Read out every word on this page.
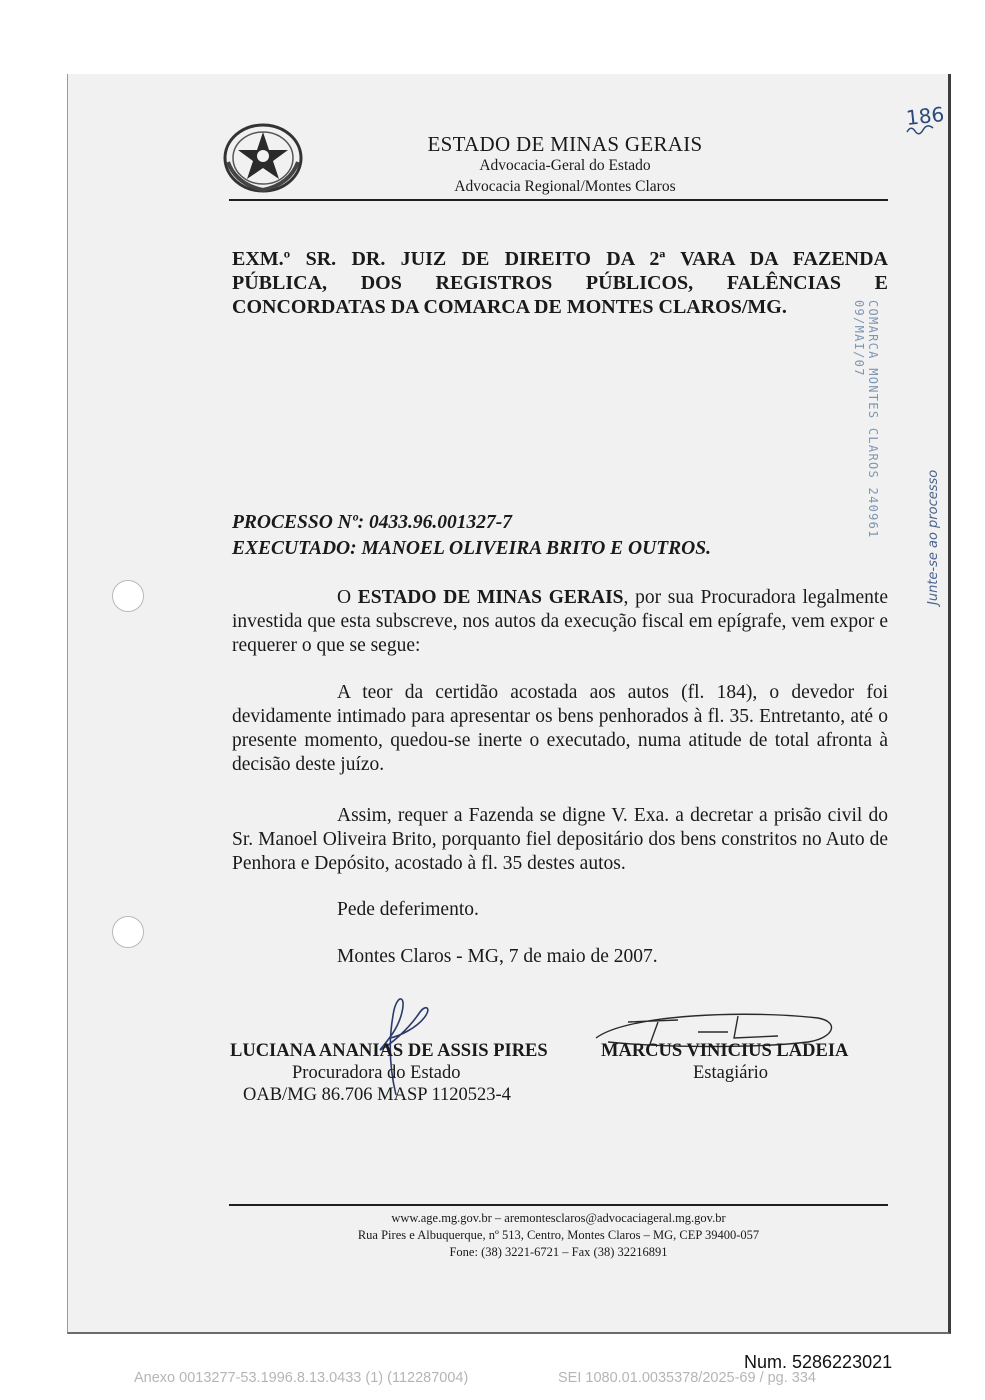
ESTADO DE MINAS GERAIS
Advocacia-Geral do Estado
Advocacia Regional/Montes Claros
186
EXM.º SR. DR. JUIZ DE DIREITO DA 2ª VARA DA FAZENDA
PÚBLICA, DOS REGISTROS PÚBLICOS, FALÊNCIAS E
CONCORDATAS DA COMARCA DE MONTES CLAROS/MG.	COMARCA MONTES CLAROS 240961 09/MAI/07
Junte-se ao processo
PROCESSO Nº: 0433.96.001327-7
EXECUTADO: MANOEL OLIVEIRA BRITO E OUTROS.
O ESTADO DE MINAS GERAIS, por sua Procuradora legalmente investida que esta subscreve, nos autos da execução fiscal em epígrafe, vem expor e requerer o que se segue:
A teor da certidão acostada aos autos (fl. 184), o devedor foi devidamente intimado para apresentar os bens penhorados à fl. 35. Entretanto, até o presente momento, quedou-se inerte o executado, numa atitude de total afronta à decisão deste juízo.
Assim, requer a Fazenda se digne V. Exa. a decretar a prisão civil do Sr. Manoel Oliveira Brito, porquanto fiel depositário dos bens constritos no Auto de Penhora e Depósito, acostado à fl. 35 destes autos.
Pede deferimento.
Montes Claros - MG, 7 de maio de 2007.
LUCIANA ANANIAS DE ASSIS PIRES
Procuradora do Estado
OAB/MG 86.706 MASP 1120523-4
MARCUS VINICIUS LADEIA
Estagiário
www.age.mg.gov.br – aremontesclaros@advocaciageral.mg.gov.br
Rua Pires e Albuquerque, nº 513, Centro, Montes Claros – MG, CEP 39400-057
Fone: (38) 3221-6721 – Fax (38) 32216891
Num. 5286223021
Anexo 0013277-53.1996.8.13.0433 (1) (112287004)	SEI 1080.01.0035378/2025-69 / pg. 334
